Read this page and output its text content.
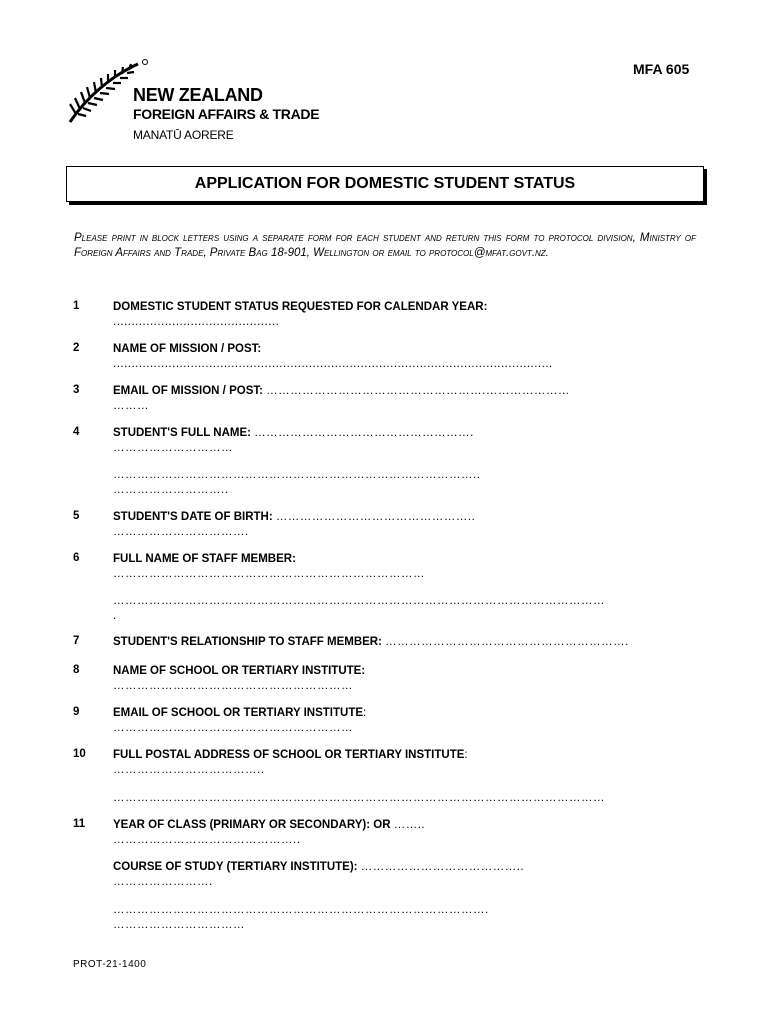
NEW ZEALAND
FOREIGN AFFAIRS & TRADE
MANATŪ AORERE
MFA 605
APPLICATION FOR DOMESTIC STUDENT STATUS
Please print in block letters using a separate form for each student and return this form to protocol division, Ministry of Foreign Affairs and Trade, Private Bag 18-901, Wellington or email to protocol@mfat.govt.nz.
1	DOMESTIC STUDENT STATUS REQUESTED FOR CALENDAR YEAR:
.............................................
2	NAME OF MISSION / POST:
.......................................................................................................................
3	EMAIL OF MISSION / POST: ……………………………………………….…………………
………
4	STUDENT'S FULL NAME: ……………………………………………….
…………………………
………………………………………………………………………………..
………………………..
5	STUDENT'S DATE OF BIRTH: …………………………………………..
…………………………….
6	FULL NAME OF STAFF MEMBER:
……………………………………………………………………
……………………………………………………………………………………………………………
.
7	STUDENT'S RELATIONSHIP TO STAFF MEMBER: …………………………………………………….
8	NAME OF SCHOOL OR TERTIARY INSTITUTE:
……………………………………………………
9	EMAIL OF SCHOOL OR TERTIARY INSTITUTE:
……………………………………………………
10 FULL POSTAL ADDRESS OF SCHOOL OR TERTIARY INSTITUTE:
………………………………..
……………………………………………………………………………………………………………
11 YEAR OF CLASS (PRIMARY OR SECONDARY): OR ……..
………………………………………..
COURSE OF STUDY (TERTIARY INSTITUTE): …………………………………..
…………………….
………………………………………………………………………………….
……………………………
PROT-21-1400
